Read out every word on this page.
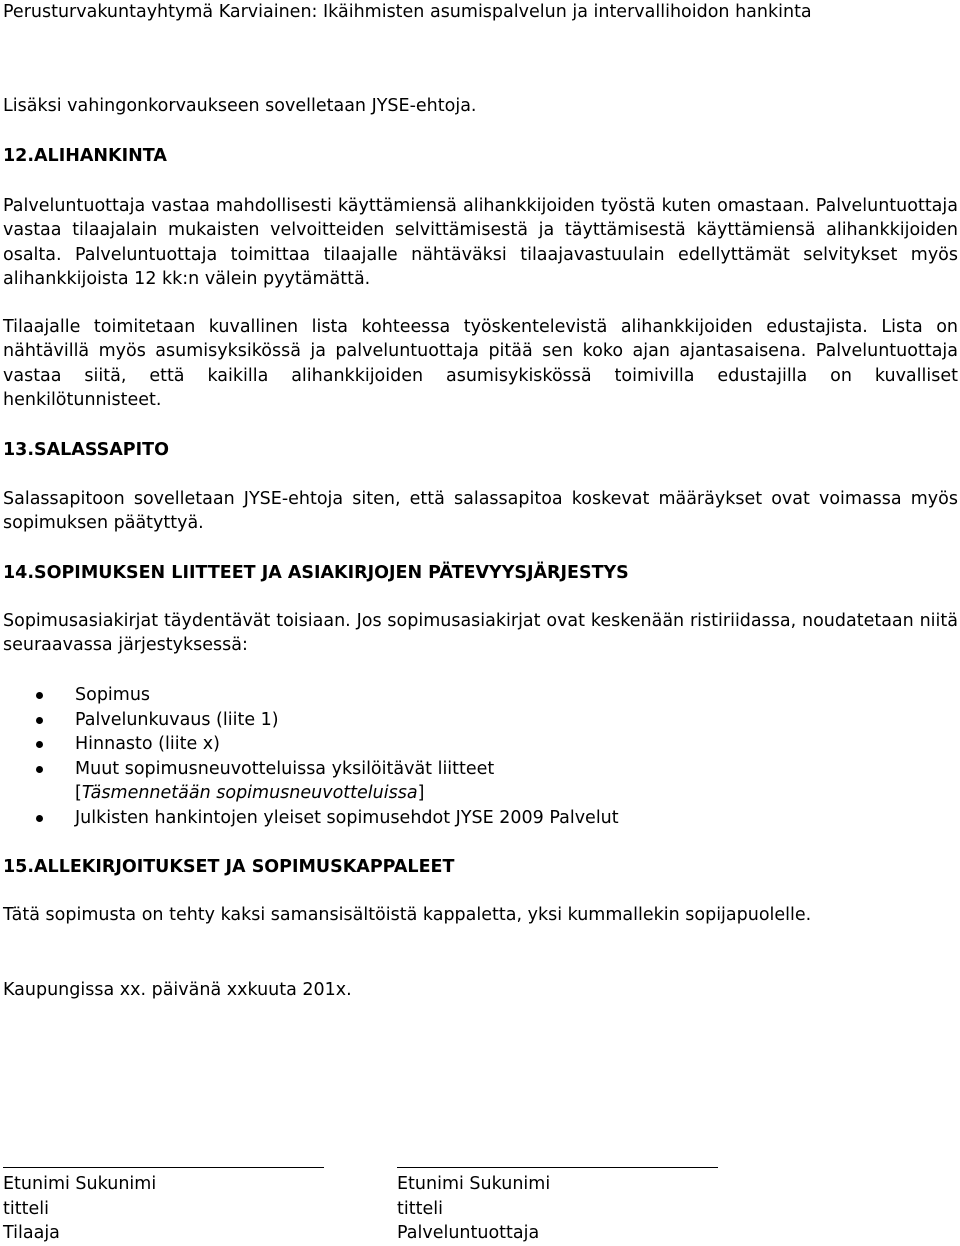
Perusturvakuntayhtymä Karviainen: Ikäihmisten asumispalvelun ja intervallihoidon hankinta
Lisäksi vahingonkorvaukseen sovelletaan JYSE-ehtoja.
12.ALIHANKINTA

Palveluntuottaja vastaa mahdollisesti käyttämiensä alihankkijoiden työstä kuten omastaan. Palveluntuottaja vastaa tilaajalain mukaisten velvoitteiden selvittämisestä ja täyttämisestä käyttämiensä alihankkijoiden osalta. Palveluntuottaja toimittaa tilaajalle nähtäväksi tilaajavastuulain edellyttämät selvitykset myös alihankkijoista 12 kk:n välein pyytämättä.

Tilaajalle toimitetaan kuvallinen lista kohteessa työskentelevistä alihankkijoiden edustajista. Lista on nähtävillä myös asumisyksikössä ja palveluntuottaja pitää sen koko ajan ajantasaisena. Palveluntuottaja vastaa siitä, että kaikilla alihankkijoiden asumisykiskössä toimivilla edustajilla on kuvalliset henkilötunnisteet.

13.SALASSAPITO

Salassapitoon sovelletaan JYSE-ehtoja siten, että salassapitoa koskevat määräykset ovat voimassa myös sopimuksen päätyttyä.

14.SOPIMUKSEN LIITTEET JA ASIAKIRJOJEN PÄTEVYYSJÄRJESTYS

Sopimusasiakirjat täydentävät toisiaan. Jos sopimusasiakirjat ovat keskenään ristiriidassa, noudatetaan niitä seuraavassa järjestyksessä:

Sopimus
Palvelunkuvaus (liite 1)
Hinnasto (liite x)
Muut sopimusneuvotteluissa yksilöitävät liitteet
[Täsmennetään sopimusneuvotteluissa]
Julkisten hankintojen yleiset sopimusehdot JYSE 2009 Palvelut
15.ALLEKIRJOITUKSET JA SOPIMUSKAPPALEET
Tätä sopimusta on tehty kaksi samansisältöistä kappaletta, yksi kummallekin sopijapuolelle.
Kaupungissa xx. päivänä xxkuuta 201x.
Etunimi Sukunimi
titteli
Tilaaja
Etunimi Sukunimi
titteli
Palveluntuottaja
